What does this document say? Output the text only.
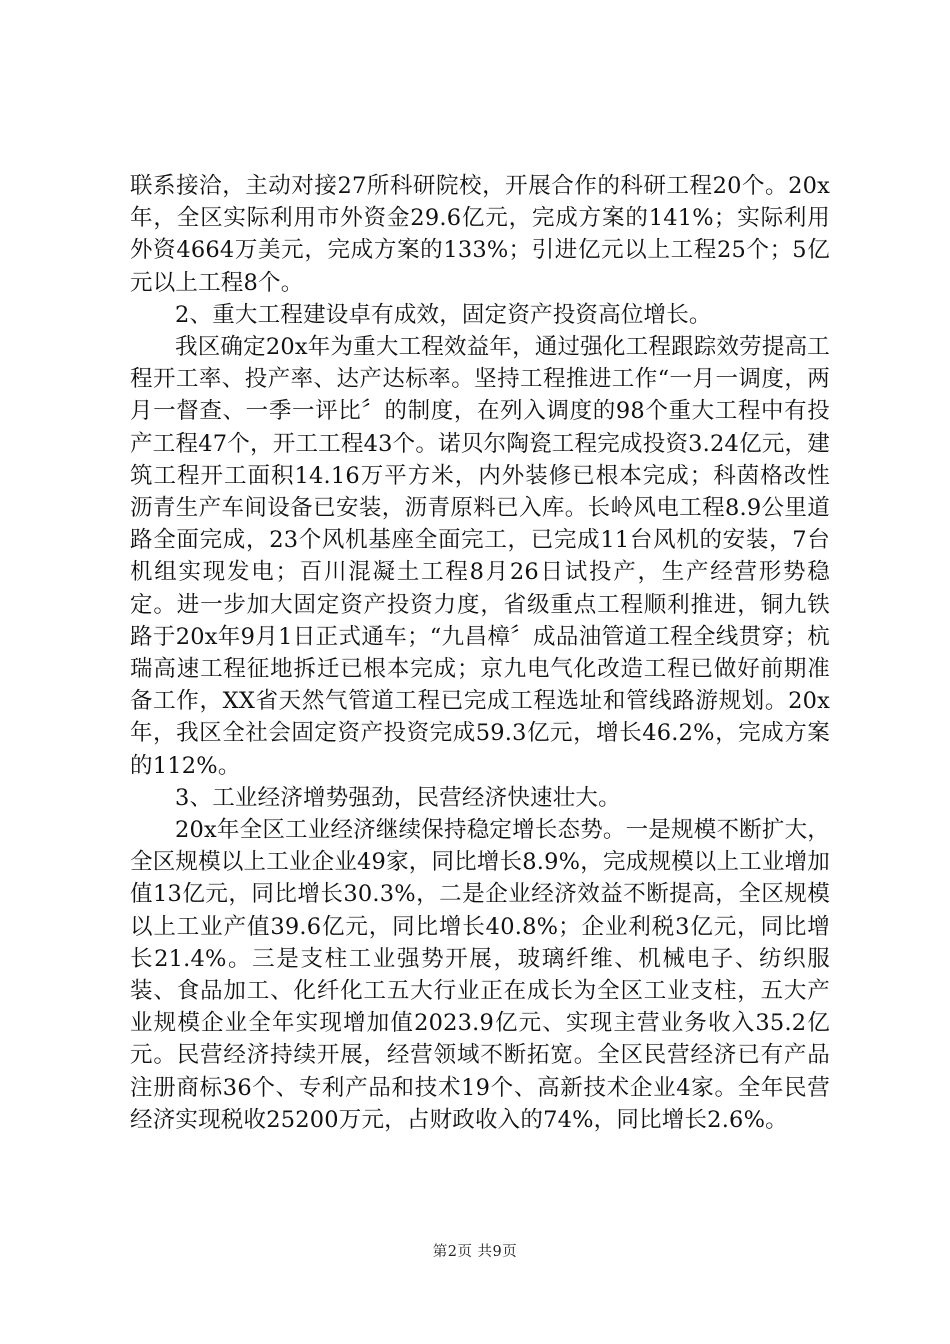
联系接洽，主动对接27所科研院校，开展合作的科研工程20个。20x年，全区实际利用市外资金29.6亿元，完成方案的141%；实际利用外资4664万美元，完成方案的133%；引进亿元以上工程25个；5亿元以上工程8个。

2、重大工程建设卓有成效，固定资产投资高位增长。

我区确定20x年为重大工程效益年，通过强化工程跟踪效劳提高工程开工率、投产率、达产达标率。坚持工程推进工作“一月一调度，两月一督查、一季一评比〞的制度，在列入调度的98个重大工程中有投产工程47个，开工工程43个。诺贝尔陶瓷工程完成投资3.24亿元，建筑工程开工面积14.16万平方米，内外装修已根本完成；科茵格改性沥青生产车间设备已安装，沥青原料已入库。长岭风电工程8.9公里道路全面完成，23个风机基座全面完工，已完成11台风机的安装，7台机组实现发电；百川混凝土工程8月26日试投产，生产经营形势稳定。进一步加大固定资产投资力度，省级重点工程顺利推进，铜九铁路于20x年9月1日正式通车；“九昌樟〞成品油管道工程全线贯穿；杭瑞高速工程征地拆迁已根本完成；京九电气化改造工程已做好前期准备工作，XX省天然气管道工程已完成工程选址和管线路游规划。20x年，我区全社会固定资产投资完成59.3亿元，增长46.2%，完成方案的112%。

3、工业经济增势强劲，民营经济快速壮大。

20x年全区工业经济继续保持稳定增长态势。一是规模不断扩大，全区规模以上工业企业49家，同比增长8.9%，完成规模以上工业增加值13亿元，同比增长30.3%，二是企业经济效益不断提高，全区规模以上工业产值39.6亿元，同比增长40.8%；企业利税3亿元，同比增长21.4%。三是支柱工业强势开展，玻璃纤维、机械电子、纺织服装、食品加工、化纤化工五大行业正在成长为全区工业支柱，五大产业规模企业全年实现增加值2023.9亿元、实现主营业务收入35.2亿元。民营经济持续开展，经营领域不断拓宽。全区民营经济已有产品注册商标36个、专利产品和技术19个、高新技术企业4家。全年民营经济实现税收25200万元，占财政收入的74%，同比增长2.6%。

第2页 共9页
